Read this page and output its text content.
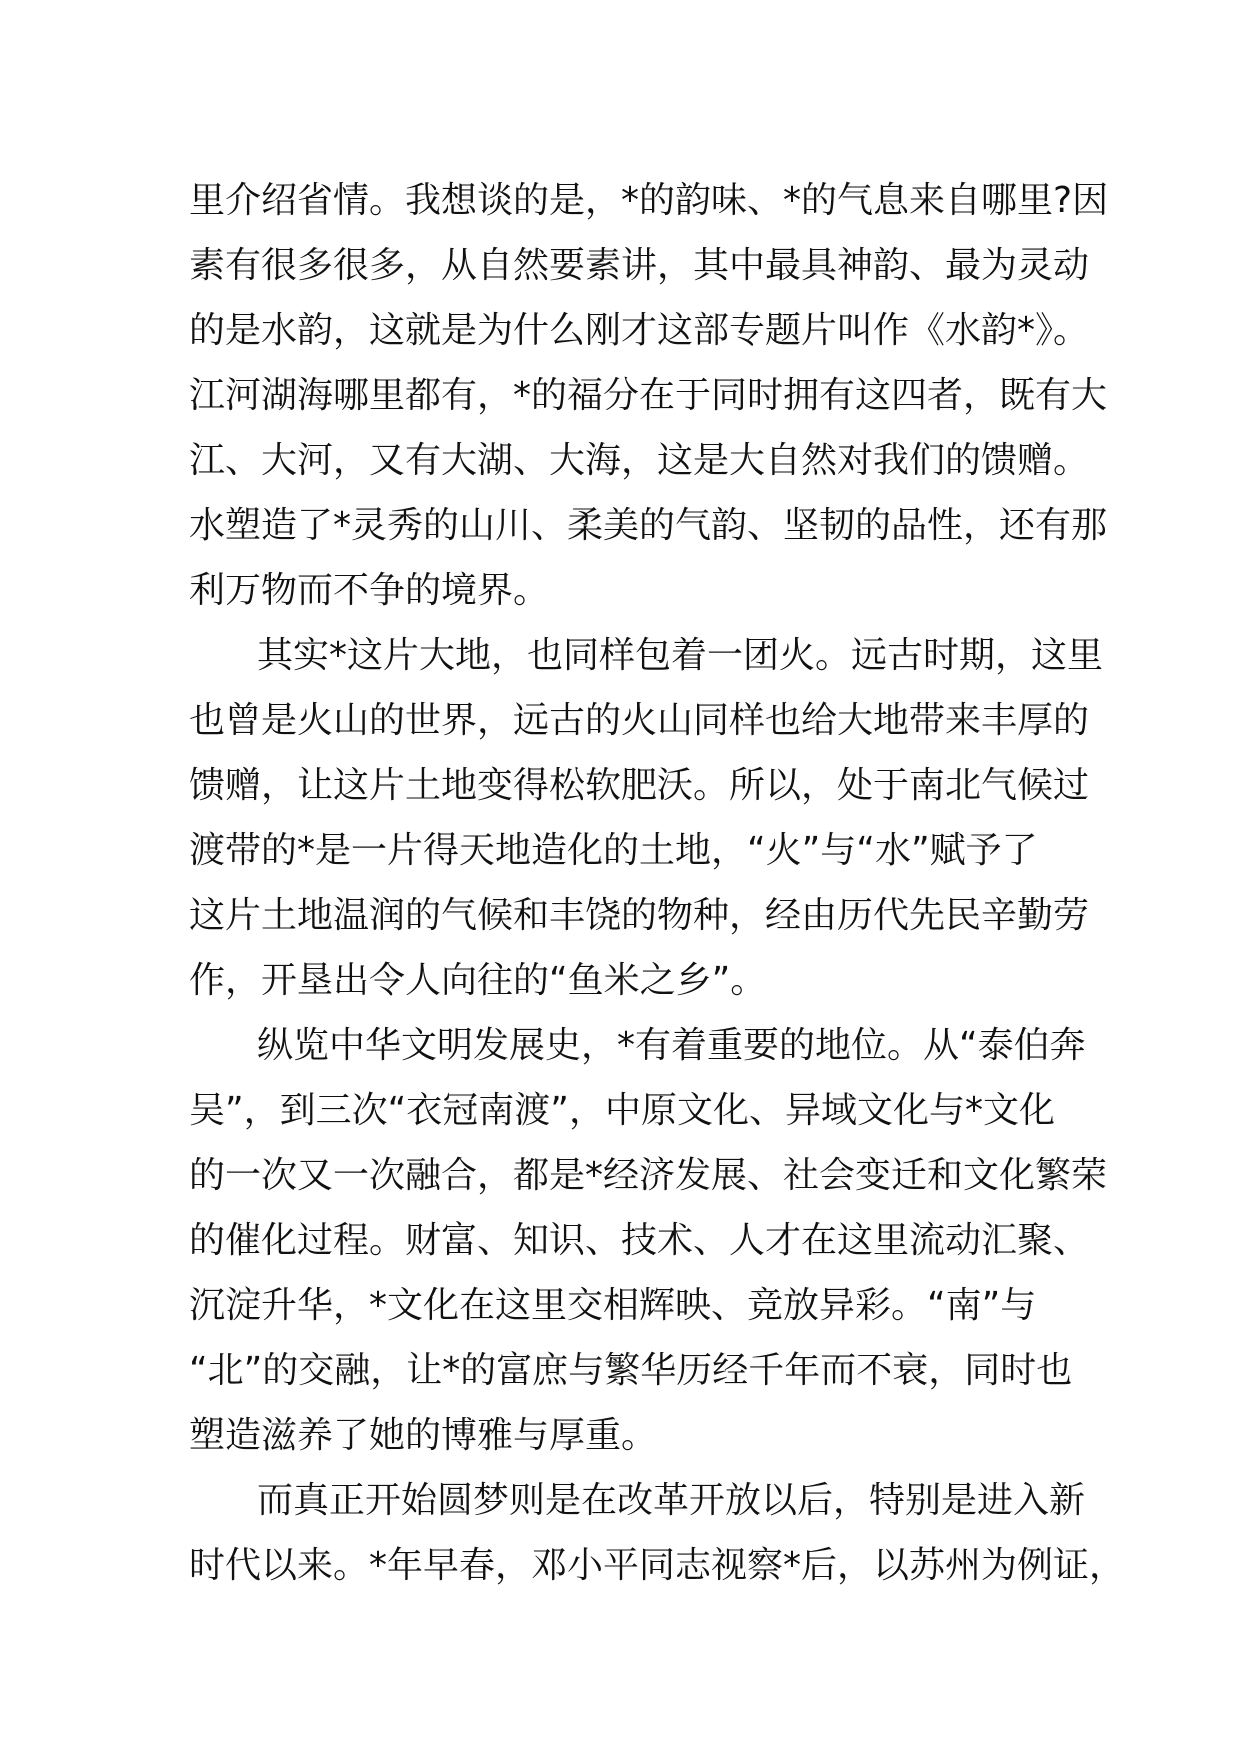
里介绍省情。我想谈的是，*的韵味、*的气息来自哪里?因
素有很多很多，从自然要素讲，其中最具神韵、最为灵动
的是水韵，这就是为什么刚才这部专题片叫作《水韵*》。
江河湖海哪里都有，*的福分在于同时拥有这四者，既有大
江、大河，又有大湖、大海，这是大自然对我们的馈赠。
水塑造了*灵秀的山川、柔美的气韵、坚韧的品性，还有那
利万物而不争的境界。
其实*这片大地，也同样包着一团火。远古时期，这里
也曾是火山的世界，远古的火山同样也给大地带来丰厚的
馈赠，让这片土地变得松软肥沃。所以，处于南北气候过
渡带的*是一片得天地造化的土地，“火”与“水”赋予了
这片土地温润的气候和丰饶的物种，经由历代先民辛勤劳
作，开垦出令人向往的“鱼米之乡”。
纵览中华文明发展史，*有着重要的地位。从“泰伯奔
吴”，到三次“衣冠南渡”，中原文化、异域文化与*文化
的一次又一次融合，都是*经济发展、社会变迁和文化繁荣
的催化过程。财富、知识、技术、人才在这里流动汇聚、
沉淀升华，*文化在这里交相辉映、竞放异彩。“南”与
“北”的交融，让*的富庶与繁华历经千年而不衰，同时也
塑造滋养了她的博雅与厚重。
而真正开始圆梦则是在改革开放以后，特别是进入新
时代以来。*年早春，邓小平同志视察*后，以苏州为例证，
